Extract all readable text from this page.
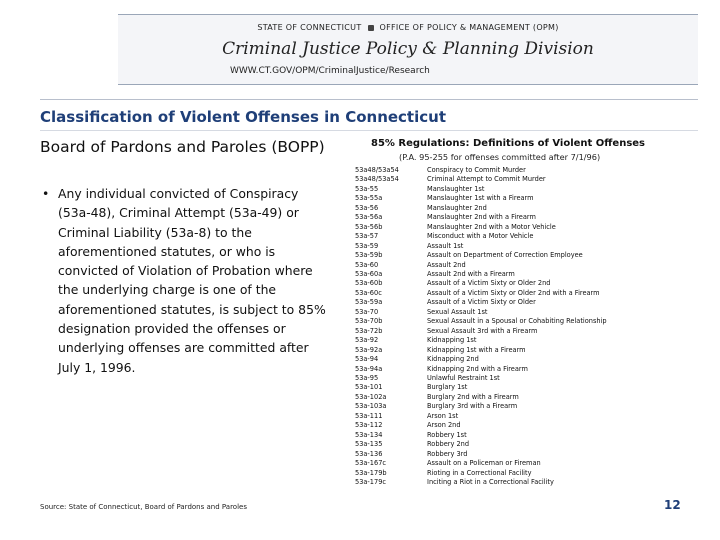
STATE OF CONNECTICUT OFFICE OF POLICY & MANAGEMENT (OPM)
Criminal Justice Policy & Planning Division
WWW.CT.GOV/OPM/CriminalJustice/Research
Classification of Violent Offenses in Connecticut
Board of Pardons and Paroles (BOPP)
• Any individual convicted of Conspiracy (53a-48), Criminal Attempt (53a-49) or Criminal Liability (53a-8) to the aforementioned statutes, or who is convicted of Violation of Probation where the underlying charge is one of the aforementioned statutes, is subject to 85% designation provided the offenses or underlying offenses are committed after July 1, 1996.
Source: State of Connecticut, Board of Pardons and Paroles
85% Regulations: Definitions of Violent Offenses
(P.A. 95-255 for offenses committed after 7/1/96)
53a48/53a54	Conspiracy to Commit Murder
53a48/53a54	Criminal Attempt to Commit Murder
53a-55	Manslaughter 1st
53a-55a	Manslaughter 1st with a Firearm
53a-56	Manslaughter 2nd
53a-56a	Manslaughter 2nd with a Firearm
53a-56b	Manslaughter 2nd with a Motor Vehicle
53a-57	Misconduct with a Motor Vehicle
53a-59	Assault 1st
53a-59b	Assault on Department of Correction Employee
53a-60	Assault 2nd
53a-60a	Assault 2nd with a Firearm
53a-60b	Assault of a Victim Sixty or Older 2nd
53a-60c	Assault of a Victim Sixty or Older 2nd with a Firearm
53a-59a	Assault of a Victim Sixty or Older
53a-70	Sexual Assault 1st
53a-70b	Sexual Assault in a Spousal or Cohabiting Relationship
53a-72b	Sexual Assault 3rd with a Firearm
53a-92	Kidnapping 1st
53a-92a	Kidnapping 1st with a Firearm
53a-94	Kidnapping 2nd
53a-94a	Kidnapping 2nd with a Firearm
53a-95	Unlawful Restraint 1st
53a-101	Burglary 1st
53a-102a	Burglary 2nd with a Firearm
53a-103a	Burglary 3rd with a Firearm
53a-111	Arson 1st
53a-112	Arson 2nd
53a-134	Robbery 1st
53a-135	Robbery 2nd
53a-136	Robbery 3rd
53a-167c	Assault on a Policeman or Fireman
53a-179b	Rioting in a Correctional Facility
53a-179c	Inciting a Riot in a Correctional Facility
12
